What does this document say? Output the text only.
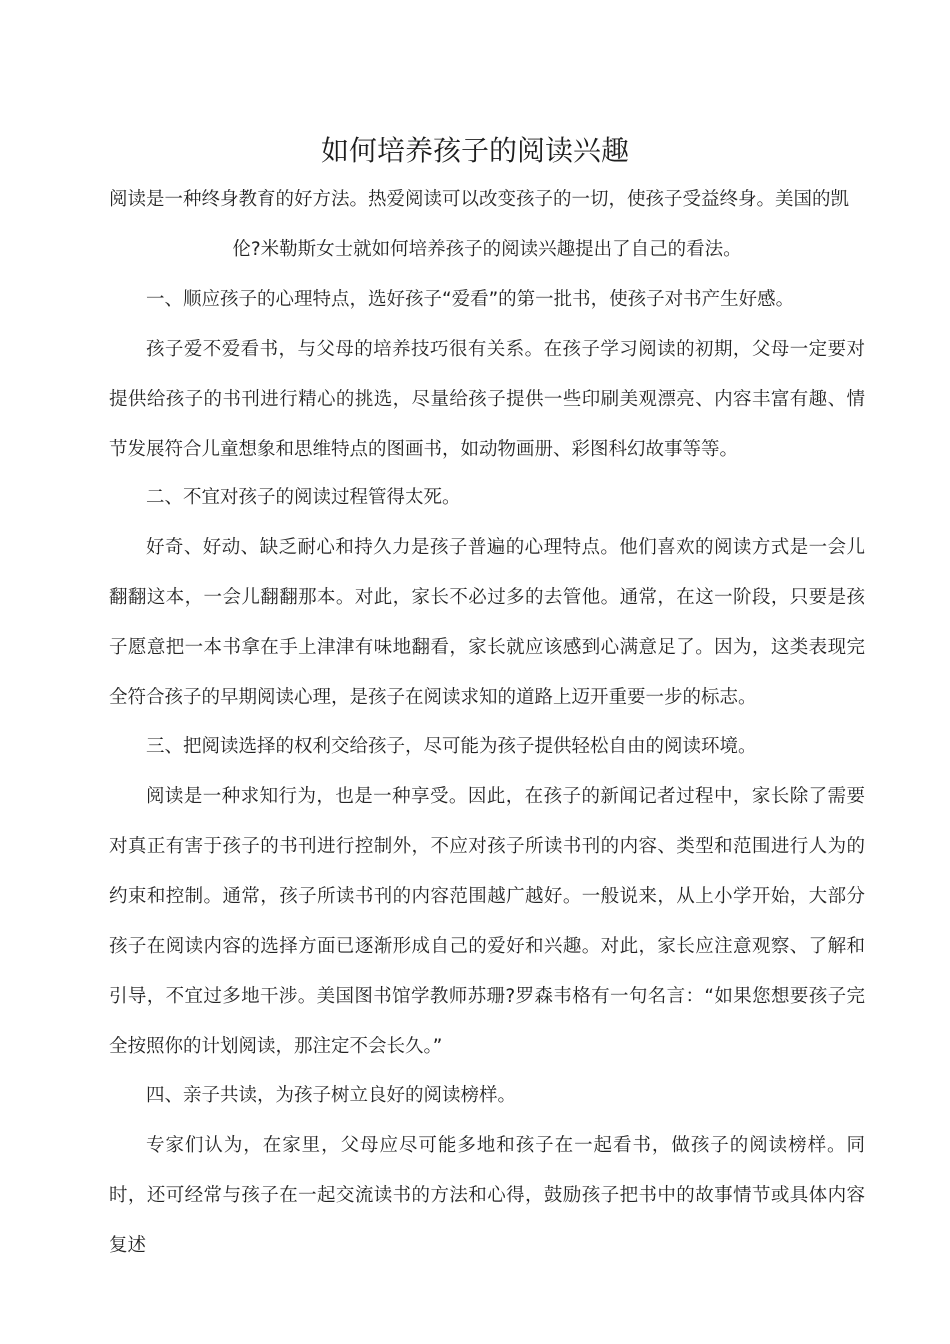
如何培养孩子的阅读兴趣

阅读是一种终身教育的好方法。热爱阅读可以改变孩子的一切，使孩子受益终身。美国的凯
伦?米勒斯女士就如何培养孩子的阅读兴趣提出了自己的看法。

一、顺应孩子的心理特点，选好孩子“爱看”的第一批书，使孩子对书产生好感。

孩子爱不爱看书，与父母的培养技巧很有关系。在孩子学习阅读的初期，父母一定要对提供给孩子的书刊进行精心的挑选，尽量给孩子提供一些印刷美观漂亮、内容丰富有趣、情节发展符合儿童想象和思维特点的图画书，如动物画册、彩图科幻故事等等。

二、不宜对孩子的阅读过程管得太死。

好奇、好动、缺乏耐心和持久力是孩子普遍的心理特点。他们喜欢的阅读方式是一会儿翻翻这本，一会儿翻翻那本。对此，家长不必过多的去管他。通常，在这一阶段，只要是孩子愿意把一本书拿在手上津津有味地翻看，家长就应该感到心满意足了。因为，这类表现完全符合孩子的早期阅读心理，是孩子在阅读求知的道路上迈开重要一步的标志。

三、把阅读选择的权利交给孩子，尽可能为孩子提供轻松自由的阅读环境。

阅读是一种求知行为，也是一种享受。因此，在孩子的新闻记者过程中，家长除了需要对真正有害于孩子的书刊进行控制外，不应对孩子所读书刊的内容、类型和范围进行人为的约束和控制。通常，孩子所读书刊的内容范围越广越好。一般说来，从上小学开始，大部分孩子在阅读内容的选择方面已逐渐形成自己的爱好和兴趣。对此，家长应注意观察、了解和引导，不宜过多地干涉。美国图书馆学教师苏珊?罗森韦格有一句名言：“如果您想要孩子完全按照你的计划阅读，那注定不会长久。”

四、亲子共读，为孩子树立良好的阅读榜样。

专家们认为，在家里，父母应尽可能多地和孩子在一起看书，做孩子的阅读榜样。同时，还可经常与孩子在一起交流读书的方法和心得，鼓励孩子把书中的故事情节或具体内容复述
